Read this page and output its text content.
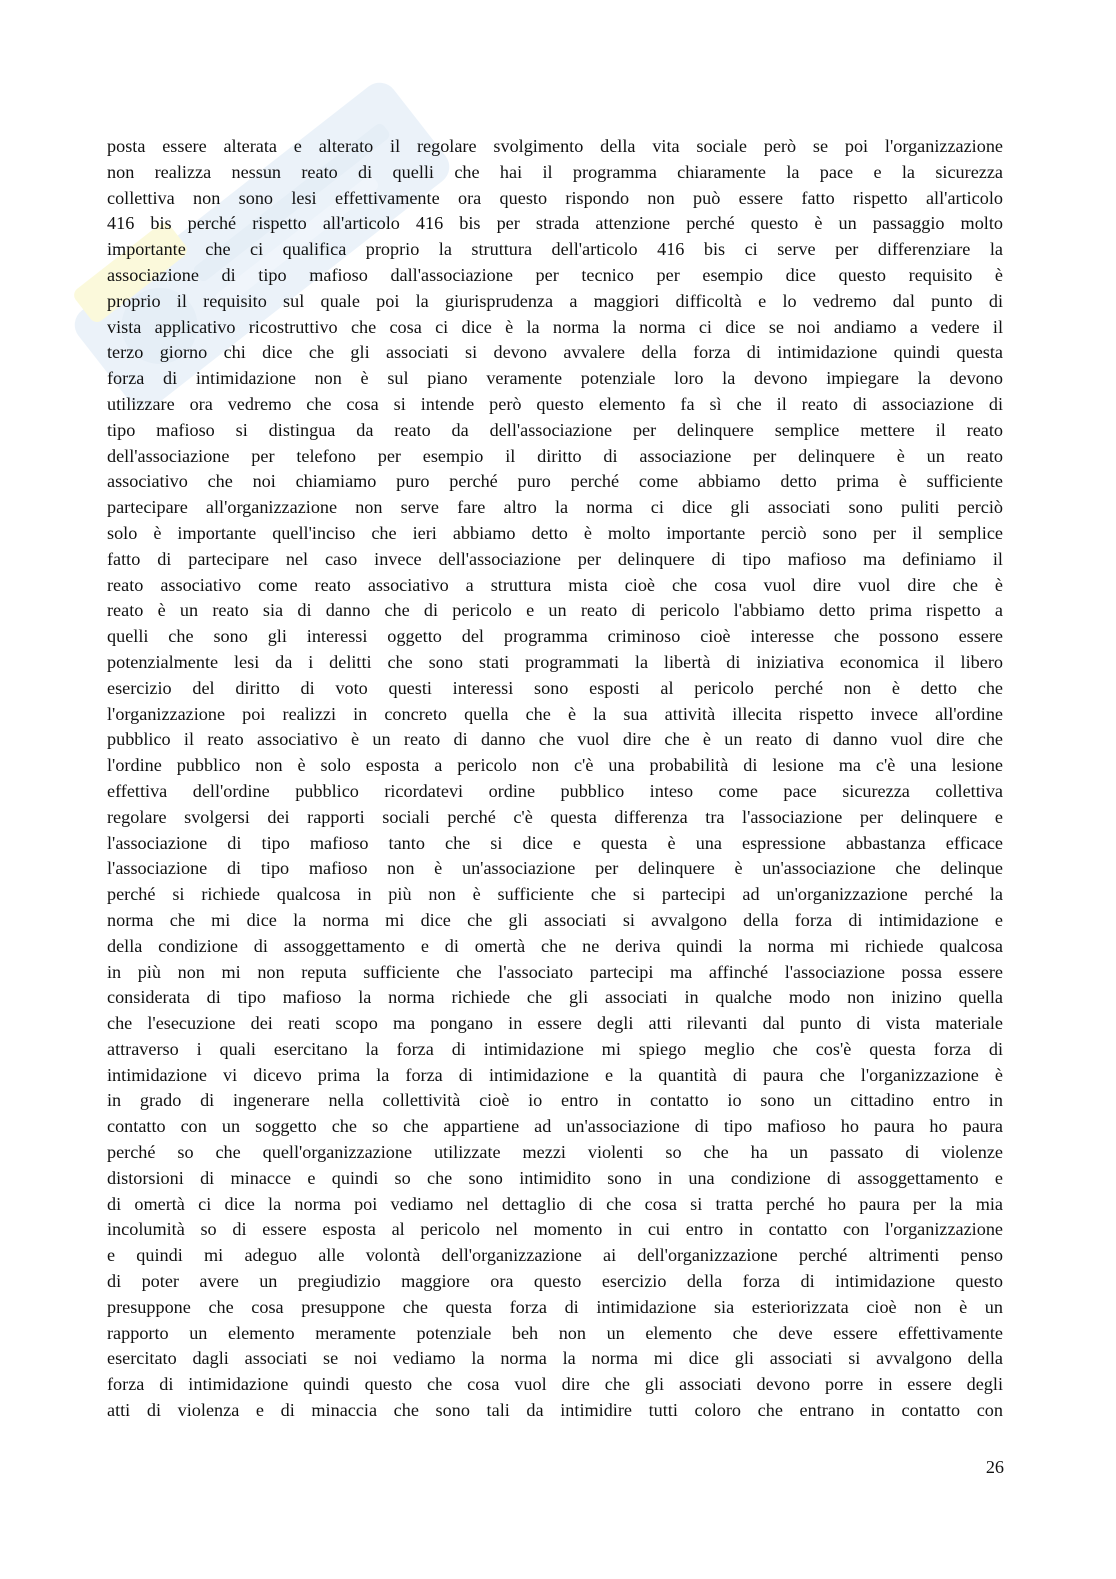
posta essere alterata e alterato il regolare svolgimento della vita sociale però se poi l'organizzazione
non realizza nessun reato di quelli che hai il programma chiaramente la pace e la sicurezza
collettiva non sono lesi effettivamente ora questo rispondo non può essere fatto rispetto all'articolo
416 bis perché rispetto all'articolo 416 bis per strada attenzione perché questo è un passaggio molto
importante che ci qualifica proprio la struttura dell'articolo 416 bis ci serve per differenziare la
associazione di tipo mafioso dall'associazione per tecnico per esempio dice questo requisito è
proprio il requisito sul quale poi la giurisprudenza a maggiori difficoltà e lo vedremo dal punto di
vista applicativo ricostruttivo che cosa ci dice è la norma la norma ci dice se noi andiamo a vedere il
terzo giorno chi dice che gli associati si devono avvalere della forza di intimidazione quindi questa
forza di intimidazione non è sul piano veramente potenziale loro la devono impiegare la devono
utilizzare ora vedremo che cosa si intende però questo elemento fa sì che il reato di associazione di
tipo mafioso si distingua da reato da dell'associazione per delinquere semplice mettere il reato
dell'associazione per telefono per esempio il diritto di associazione per delinquere è un reato
associativo che noi chiamiamo puro perché puro perché come abbiamo detto prima è sufficiente
partecipare all'organizzazione non serve fare altro la norma ci dice gli associati sono puliti perciò
solo è importante quell'inciso che ieri abbiamo detto è molto importante perciò sono per il semplice
fatto di partecipare nel caso invece dell'associazione per delinquere di tipo mafioso ma definiamo il
reato associativo come reato associativo a struttura mista cioè che cosa vuol dire vuol dire che è
reato è un reato sia di danno che di pericolo e un reato di pericolo l'abbiamo detto prima rispetto a
quelli che sono gli interessi oggetto del programma criminoso cioè interesse che possono essere
potenzialmente lesi da i delitti che sono stati programmati la libertà di iniziativa economica il libero
esercizio del diritto di voto questi interessi sono esposti al pericolo perché non è detto che
l'organizzazione poi realizzi in concreto quella che è la sua attività illecita rispetto invece all'ordine
pubblico il reato associativo è un reato di danno che vuol dire che è un reato di danno vuol dire che
l'ordine pubblico non è solo esposta a pericolo non c'è una probabilità di lesione ma c'è una lesione
effettiva dell'ordine pubblico ricordatevi ordine pubblico inteso come pace sicurezza collettiva
regolare svolgersi dei rapporti sociali perché c'è questa differenza tra l'associazione per delinquere e
l'associazione di tipo mafioso tanto che si dice e questa è una espressione abbastanza efficace
l'associazione di tipo mafioso non è un'associazione per delinquere è un'associazione che delinque
perché si richiede qualcosa in più non è sufficiente che si partecipi ad un'organizzazione perché la
norma che mi dice la norma mi dice che gli associati si avvalgono della forza di intimidazione e
della condizione di assoggettamento e di omertà che ne deriva quindi la norma mi richiede qualcosa
in più non mi non reputa sufficiente che l'associato partecipi ma affinché l'associazione possa essere
considerata di tipo mafioso la norma richiede che gli associati in qualche modo non inizino quella
che l'esecuzione dei reati scopo ma pongano in essere degli atti rilevanti dal punto di vista materiale
attraverso i quali esercitano la forza di intimidazione mi spiego meglio che cos'è questa forza di
intimidazione vi dicevo prima la forza di intimidazione e la quantità di paura che l'organizzazione è
in grado di ingenerare nella collettività cioè io entro in contatto io sono un cittadino entro in
contatto con un soggetto che so che appartiene ad un'associazione di tipo mafioso ho paura ho paura
perché so che quell'organizzazione utilizzate mezzi violenti so che ha un passato di violenze
distorsioni di minacce e quindi so che sono intimidito sono in una condizione di assoggettamento e
di omertà ci dice la norma poi vediamo nel dettaglio di che cosa si tratta perché ho paura per la mia
incolumità so di essere esposta al pericolo nel momento in cui entro in contatto con l'organizzazione
e quindi mi adeguo alle volontà dell'organizzazione ai dell'organizzazione perché altrimenti penso
di poter avere un pregiudizio maggiore ora questo esercizio della forza di intimidazione questo
presuppone che cosa presuppone che questa forza di intimidazione sia esteriorizzata cioè non è un
rapporto un elemento meramente potenziale beh non un elemento che deve essere effettivamente
esercitato dagli associati se noi vediamo la norma la norma mi dice gli associati si avvalgono della
forza di intimidazione quindi questo che cosa vuol dire che gli associati devono porre in essere degli
atti di violenza e di minaccia che sono tali da intimidire tutti coloro che entrano in contatto con
26
